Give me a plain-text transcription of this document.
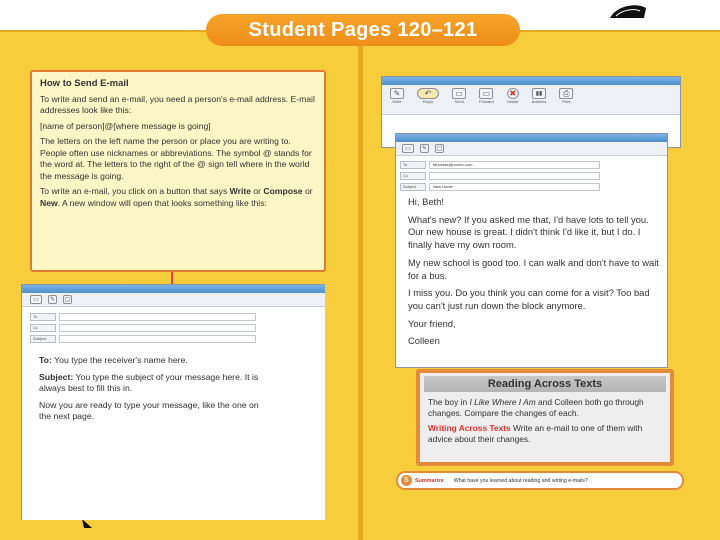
Student Pages 120–121
How to Send E-mail

To write and send an e-mail, you need a person's e-mail address. E-mail addresses look like this:

[name of person]@[where message is going]

The letters on the left name the person or place you are writing to. People often use nicknames or abbreviations. The symbol @ stands for the word at. The letters to the right of the @ sign tell where in the world the message is going.

To write an e-mail, you click on a button that says Write or Compose or New. A new window will open that looks something like this:

▭	✎	▢
To
Cc
Subject

To: You type the receiver's name here.

Subject: You type the subject of your message here. It is always best to fill this in.

Now you are ready to type your message, like the one on the next page.

✎
Write
↶
Reply
▭
Send
▭
Forward
✖
Delete
▮▮
Address
⎙
Print
▭	✎	▢
To	bthomas@pronto.com
Cc
Subject	New Home

Hi, Beth!

What's new? If you asked me that, I'd have lots to tell you. Our new house is great. I didn't think I'd like it, but I do. I finally have my own room.

My new school is good too. I can walk and don't have to wait for a bus.

I miss you. Do you think you can come for a visit? Too bad you can't just run down the block anymore.

Your friend,

Colleen

Reading Across Texts

The boy in I Like Where I Am and Colleen both go through changes. Compare the changes of each.

Writing Across Texts Write an e-mail to one of them with advice about their changes.

S	Summarize What have you learned about reading and writing e-mails?
